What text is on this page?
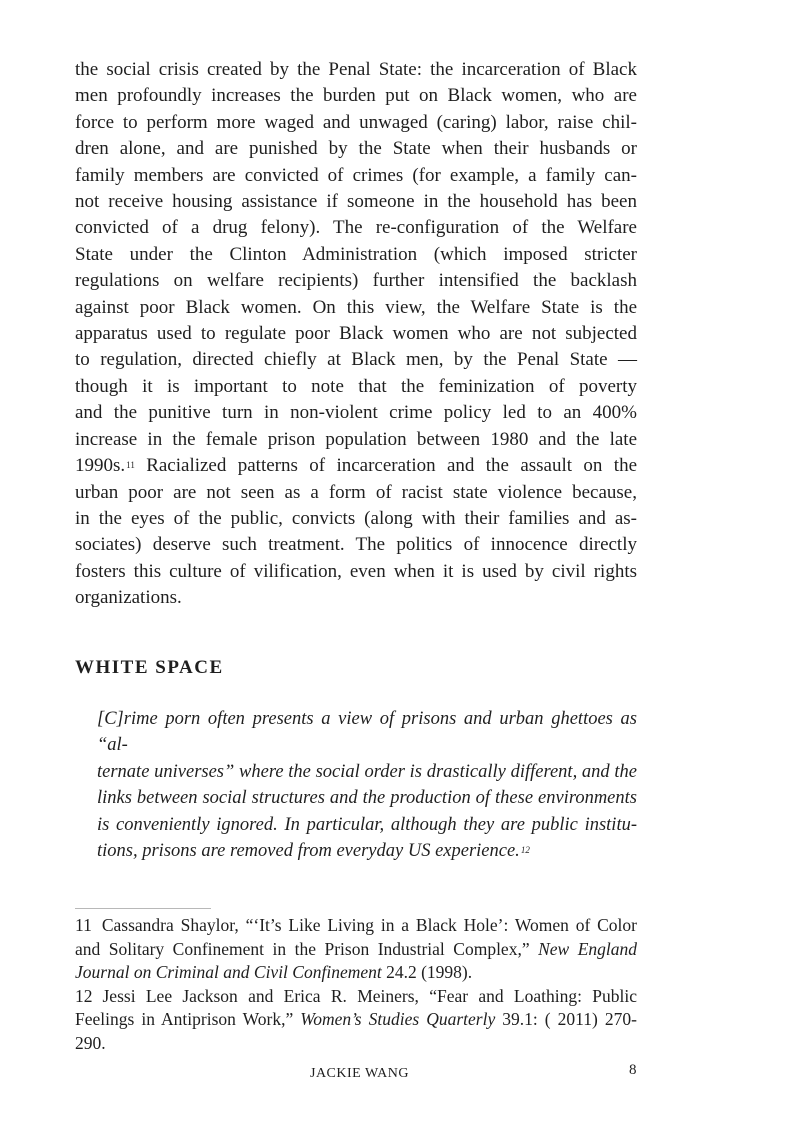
the social crisis created by the Penal State: the incarceration of Black
men profoundly increases the burden put on Black women, who are
force to perform more waged and unwaged (caring) labor, raise chil-
dren alone, and are punished by the State when their husbands or
family members are convicted of crimes (for example, a family can-
not receive housing assistance if someone in the household has been
convicted of a drug felony). The re-configuration of the Welfare
State under the Clinton Administration (which imposed stricter
regulations on welfare recipients) further intensified the backlash
against poor Black women. On this view, the Welfare State is the
apparatus used to regulate poor Black women who are not subjected
to regulation, directed chiefly at Black men, by the Penal State —
though it is important to note that the feminization of poverty
and the punitive turn in non-violent crime policy led to an 400%
increase in the female prison population between 1980 and the late
1990s.$^{11}$ Racialized patterns of incarceration and the assault on the
urban poor are not seen as a form of racist state violence because,
in the eyes of the public, convicts (along with their families and as-
sociates) deserve such treatment. The politics of innocence directly
fosters this culture of vilification, even when it is used by civil rights
organizations.

WHITE SPACE
[C]rime porn often presents a view of prisons and urban ghettoes as “al-
ternate universes” where the social order is drastically different, and the
links between social structures and the production of these environments
is conveniently ignored. In particular, although they are public institu-
tions, prisons are removed from everyday US experience.$^{12}$
11 Cassandra Shaylor, “‘It’s Like Living in a Black Hole’: Women of Color and Solitary Confinement in the Prison Industrial Complex,” New England Journal on Criminal and Civil Confinement 24.2 (1998).
12 Jessi Lee Jackson and Erica R. Meiners, “Fear and Loathing: Public Feelings in Antiprison Work,” Women’s Studies Quarterly 39.1: ( 2011) 270-290.
JACKIE WANG	8
